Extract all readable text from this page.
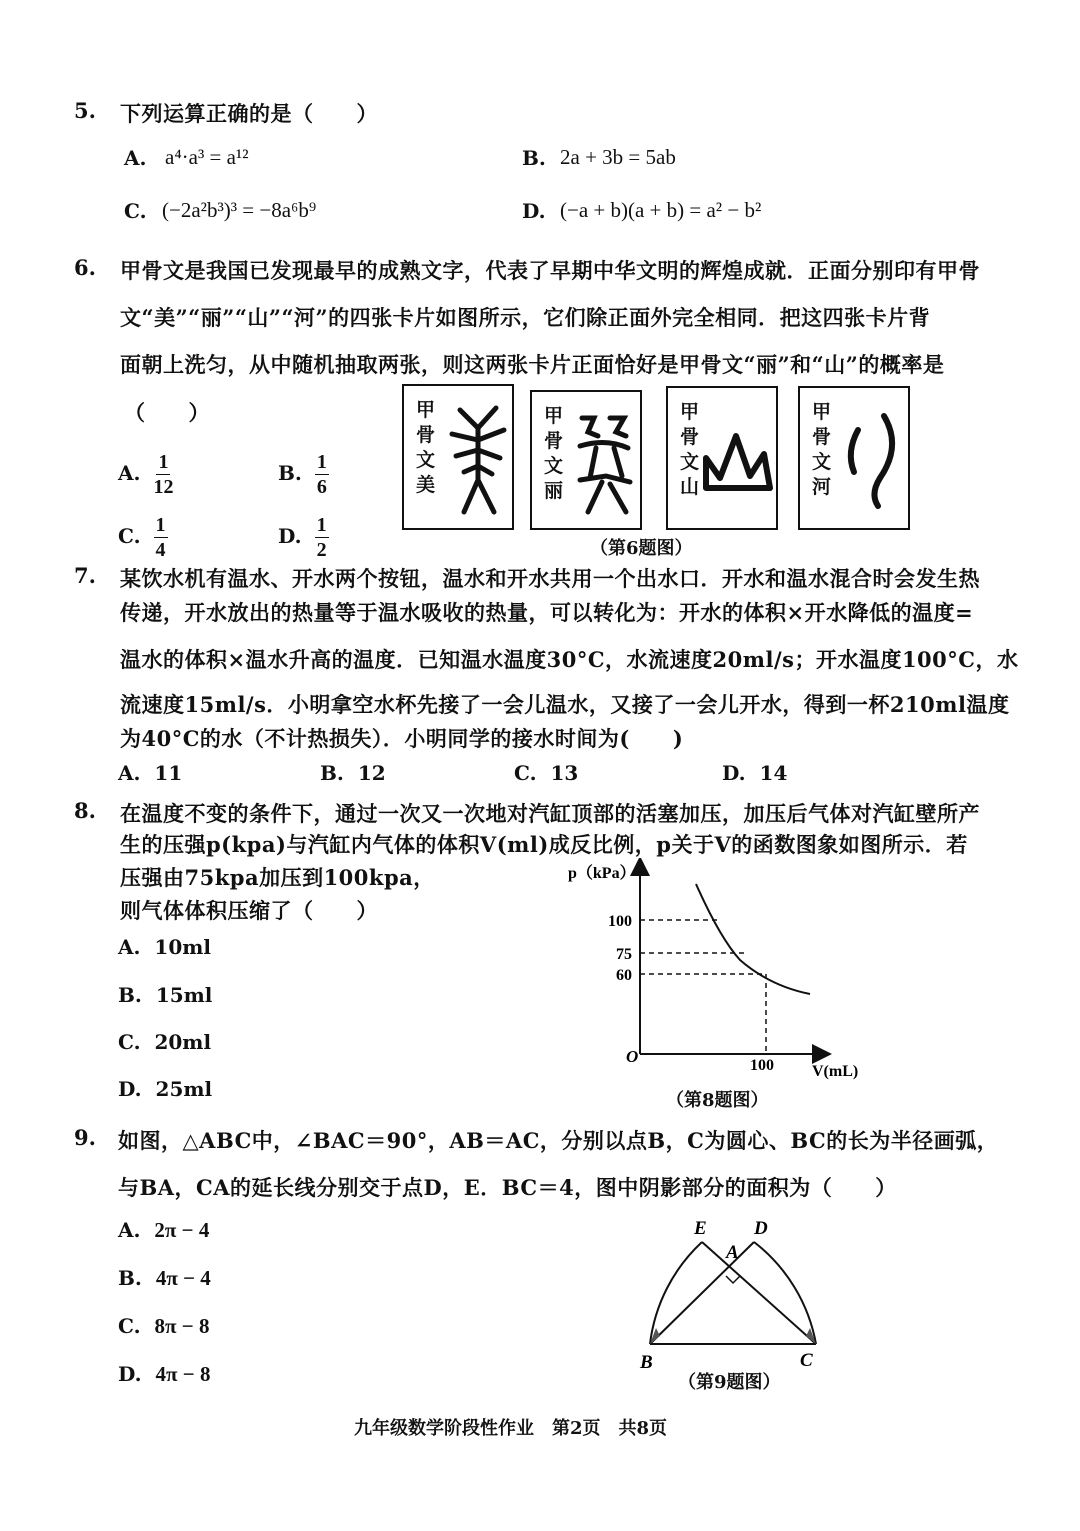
5. 下列运算正确的是（　　）
A. a⁴·a³ = a¹²	B. 2a + 3b = 5ab
C. (−2a²b³)³ = −8a⁶b⁹	D. (−a + b)(a + b) = a² − b²
6. 甲骨文是我国已发现最早的成熟文字，代表了早期中华文明的辉煌成就．正面分别印有甲骨
文“美”“丽”“山”“河”的四张卡片如图所示，它们除正面外完全相同．把这四张卡片背
面朝上洗匀，从中随机抽取两张，则这两张卡片正面恰好是甲骨文“丽”和“山”的概率是
（　　）
A. $\frac{1}{12}$	B. $\frac{1}{6}$
C. $\frac{1}{4}$	D. $\frac{1}{2}$
甲骨文美
甲骨文丽
甲骨文山
甲骨文河
（第6题图）
7. 某饮水机有温水、开水两个按钮，温水和开水共用一个出水口．开水和温水混合时会发生热
传递，开水放出的热量等于温水吸收的热量，可以转化为：开水的体积×开水降低的温度=
温水的体积×温水升高的温度．已知温水温度30°C，水流速度20ml/s；开水温度100°C，水
流速度15ml/s．小明拿空水杯先接了一会儿温水，又接了一会儿开水，得到一杯210ml温度
为40°C的水（不计热损失）．小明同学的接水时间为(　　)
A. 11	B. 12	C. 13	D. 14
8. 在温度不变的条件下，通过一次又一次地对汽缸顶部的活塞加压，加压后气体对汽缸壁所产
生的压强p(kpa)与汽缸内气体的体积V(ml)成反比例，p关于V的函数图象如图所示．若
压强由75kpa加压到100kpa，
则气体体积压缩了（　　）
A. 10ml
B. 15ml
C. 20ml
D. 25ml
p（kPa）
100
75
60
O	100 V(mL)
（第8题图）
9. 如图，△ABC中，∠BAC＝90°，AB＝AC，分别以点B，C为圆心、BC的长为半径画弧，
与BA，CA的延长线分别交于点D，E．BC＝4，图中阴影部分的面积为（　　）
A. 2π − 4
B. 4π − 4
C. 8π − 8
D. 4π − 8
E D
A
B	C
（第9题图）
九年级数学阶段性作业　第2页　共8页
